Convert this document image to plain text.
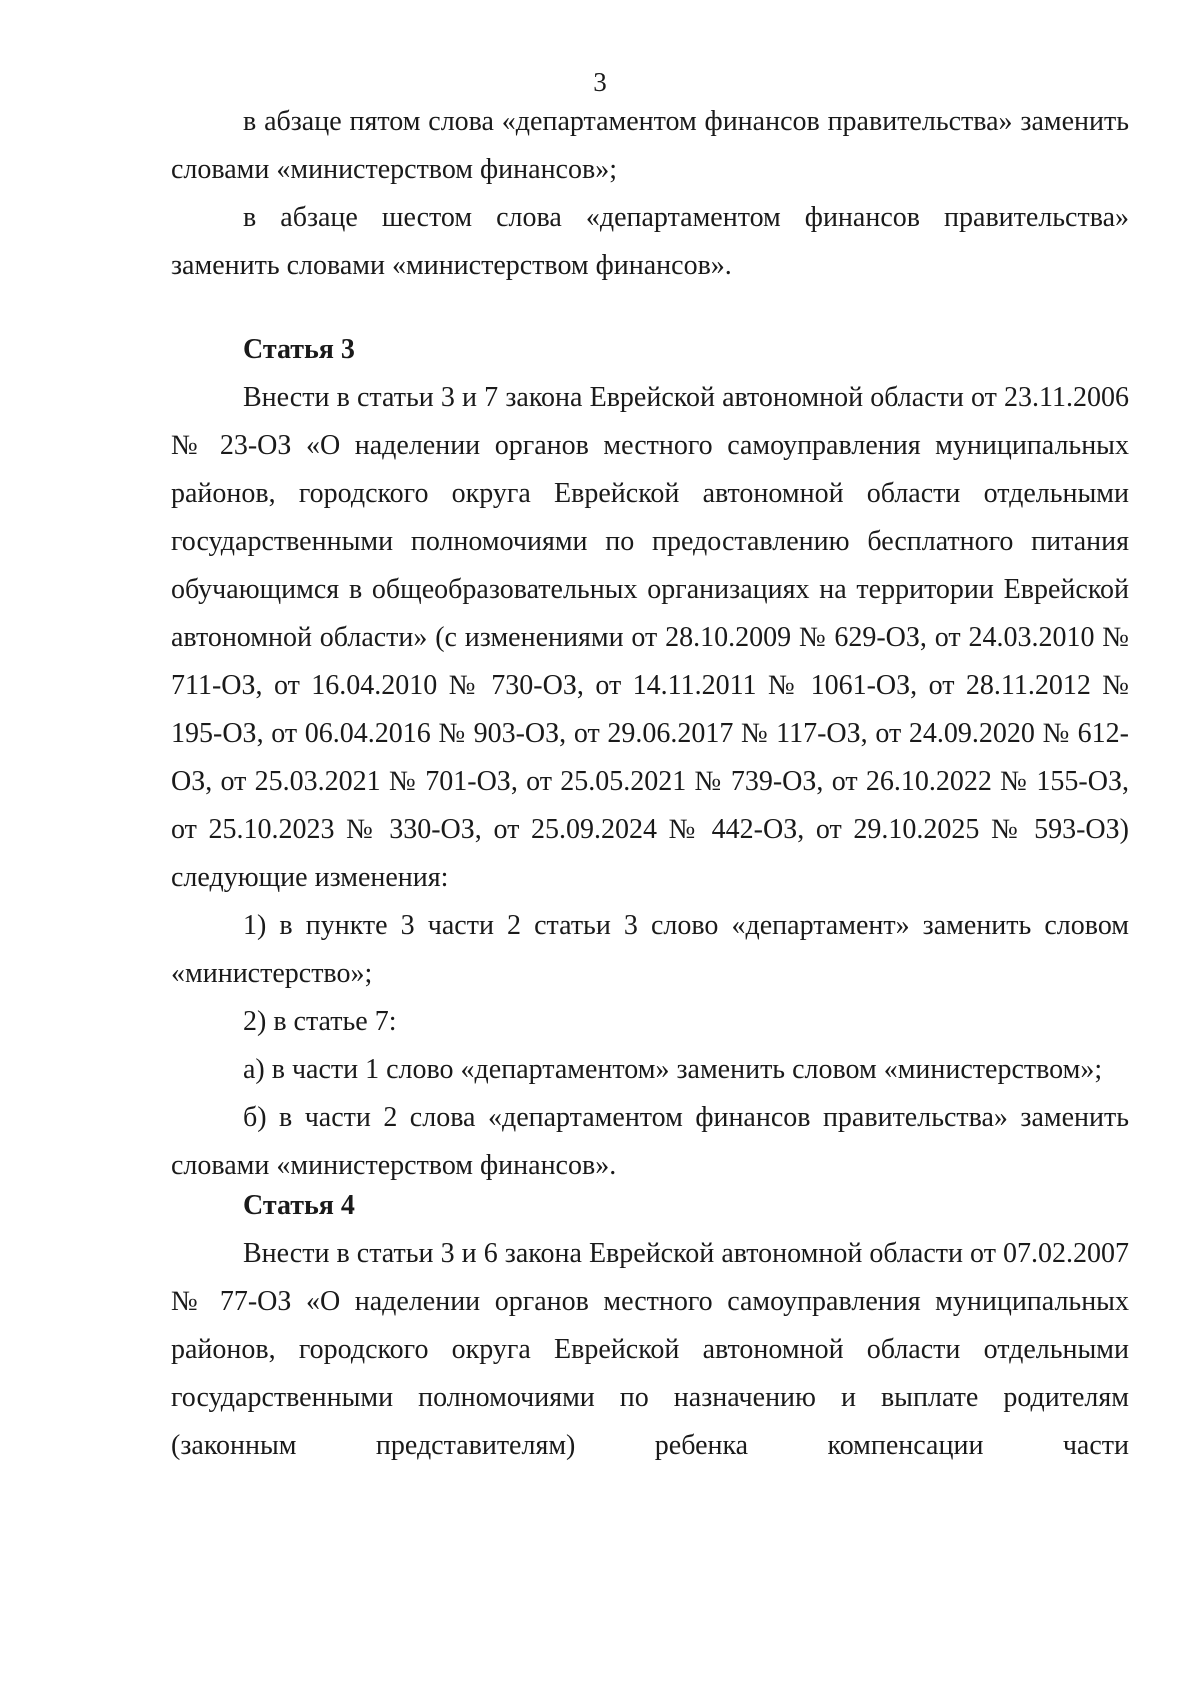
3

в абзаце пятом слова «департаментом финансов правительства» заменить словами «министерством финансов»;

в абзаце шестом слова «департаментом финансов правительства» заменить словами «министерством финансов».

Статья 3

Внести в статьи 3 и 7 закона Еврейской автономной области от 23.11.2006 № 23-ОЗ «О наделении органов местного самоуправления муниципальных районов, городского округа Еврейской автономной области отдельными государственными полномочиями по предоставлению бесплатного питания обучающимся в общеобразовательных организациях на территории Еврейской автономной области» (с изменениями от 28.10.2009 № 629-ОЗ, от 24.03.2010 № 711-ОЗ, от 16.04.2010 № 730-ОЗ, от 14.11.2011 № 1061-ОЗ, от 28.11.2012 № 195-ОЗ, от 06.04.2016 № 903-ОЗ, от 29.06.2017 № 117-ОЗ, от 24.09.2020 № 612-ОЗ, от 25.03.2021 № 701-ОЗ, от 25.05.2021 № 739-ОЗ, от 26.10.2022 № 155-ОЗ, от 25.10.2023 № 330-ОЗ, от 25.09.2024 № 442-ОЗ, от 29.10.2025 № 593-ОЗ) следующие изменения:

1) в пункте 3 части 2 статьи 3 слово «департамент» заменить словом «министерство»;

2) в статье 7:

а) в части 1 слово «департаментом» заменить словом «министерством»;

б) в части 2 слова «департаментом финансов правительства» заменить словами «министерством финансов».

Статья 4

Внести в статьи 3 и 6 закона Еврейской автономной области от 07.02.2007 № 77-ОЗ «О наделении органов местного самоуправления муниципальных районов, городского округа Еврейской автономной области отдельными государственными полномочиями по назначению и выплате родителям (законным представителям) ребенка компенсации части
